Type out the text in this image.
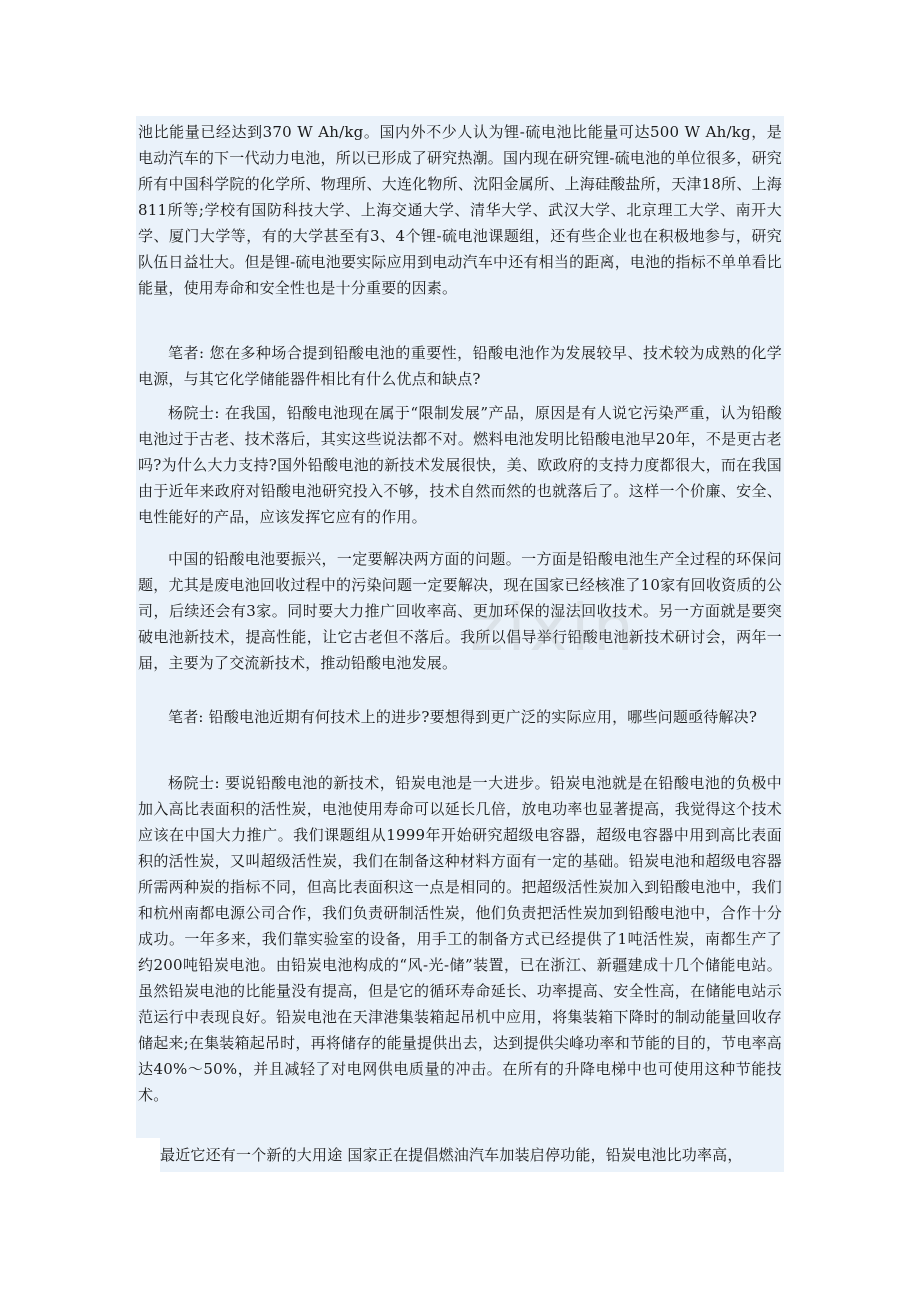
池比能量已经达到370 W Ah/kg。国内外不少人认为锂-硫电池比能量可达500 W Ah/kg，是电动汽车的下一代动力电池，所以已形成了研究热潮。国内现在研究锂-硫电池的单位很多，研究所有中国科学院的化学所、物理所、大连化物所、沈阳金属所、上海硅酸盐所，天津18所、上海811所等;学校有国防科技大学、上海交通大学、清华大学、武汉大学、北京理工大学、南开大学、厦门大学等，有的大学甚至有3、4个锂-硫电池课题组，还有些企业也在积极地参与，研究队伍日益壮大。但是锂-硫电池要实际应用到电动汽车中还有相当的距离，电池的指标不单单看比能量，使用寿命和安全性也是十分重要的因素。

笔者: 您在多种场合提到铅酸电池的重要性，铅酸电池作为发展较早、技术较为成熟的化学电源，与其它化学储能器件相比有什么优点和缺点?

杨院士: 在我国，铅酸电池现在属于“限制发展”产品，原因是有人说它污染严重，认为铅酸电池过于古老、技术落后，其实这些说法都不对。燃料电池发明比铅酸电池早20年，不是更古老吗?为什么大力支持?国外铅酸电池的新技术发展很快，美、欧政府的支持力度都很大，而在我国由于近年来政府对铅酸电池研究投入不够，技术自然而然的也就落后了。这样一个价廉、安全、电性能好的产品，应该发挥它应有的作用。

中国的铅酸电池要振兴，一定要解决两方面的问题。一方面是铅酸电池生产全过程的环保问题，尤其是废电池回收过程中的污染问题一定要解决，现在国家已经核准了10家有回收资质的公司，后续还会有3家。同时要大力推广回收率高、更加环保的湿法回收技术。另一方面就是要突破电池新技术，提高性能，让它古老但不落后。我所以倡导举行铅酸电池新技术研讨会，两年一届，主要为了交流新技术，推动铅酸电池发展。

笔者: 铅酸电池近期有何技术上的进步?要想得到更广泛的实际应用，哪些问题亟待解决?

杨院士: 要说铅酸电池的新技术，铅炭电池是一大进步。铅炭电池就是在铅酸电池的负极中加入高比表面积的活性炭，电池使用寿命可以延长几倍，放电功率也显著提高，我觉得这个技术应该在中国大力推广。我们课题组从1999年开始研究超级电容器，超级电容器中用到高比表面积的活性炭，又叫超级活性炭，我们在制备这种材料方面有一定的基础。铅炭电池和超级电容器所需两种炭的指标不同，但高比表面积这一点是相同的。把超级活性炭加入到铅酸电池中，我们和杭州南都电源公司合作，我们负责研制活性炭，他们负责把活性炭加到铅酸电池中，合作十分成功。一年多来，我们靠实验室的设备，用手工的制备方式已经提供了1吨活性炭，南都生产了约200吨铅炭电池。由铅炭电池构成的“风-光-储”装置，已在浙江、新疆建成十几个储能电站。虽然铅炭电池的比能量没有提高，但是它的循环寿命延长、功率提高、安全性高，在储能电站示范运行中表现良好。铅炭电池在天津港集装箱起吊机中应用，将集装箱下降时的制动能量回收存储起来;在集装箱起吊时，再将储存的能量提供出去，达到提供尖峰功率和节能的目的，节电率高达40%～50%，并且减轻了对电网供电质量的冲击。在所有的升降电梯中也可使用这种节能技术。

最近它还有一个新的大用途 国家正在提倡燃油汽车加装启停功能，铅炭电池比功率高，

zixin
